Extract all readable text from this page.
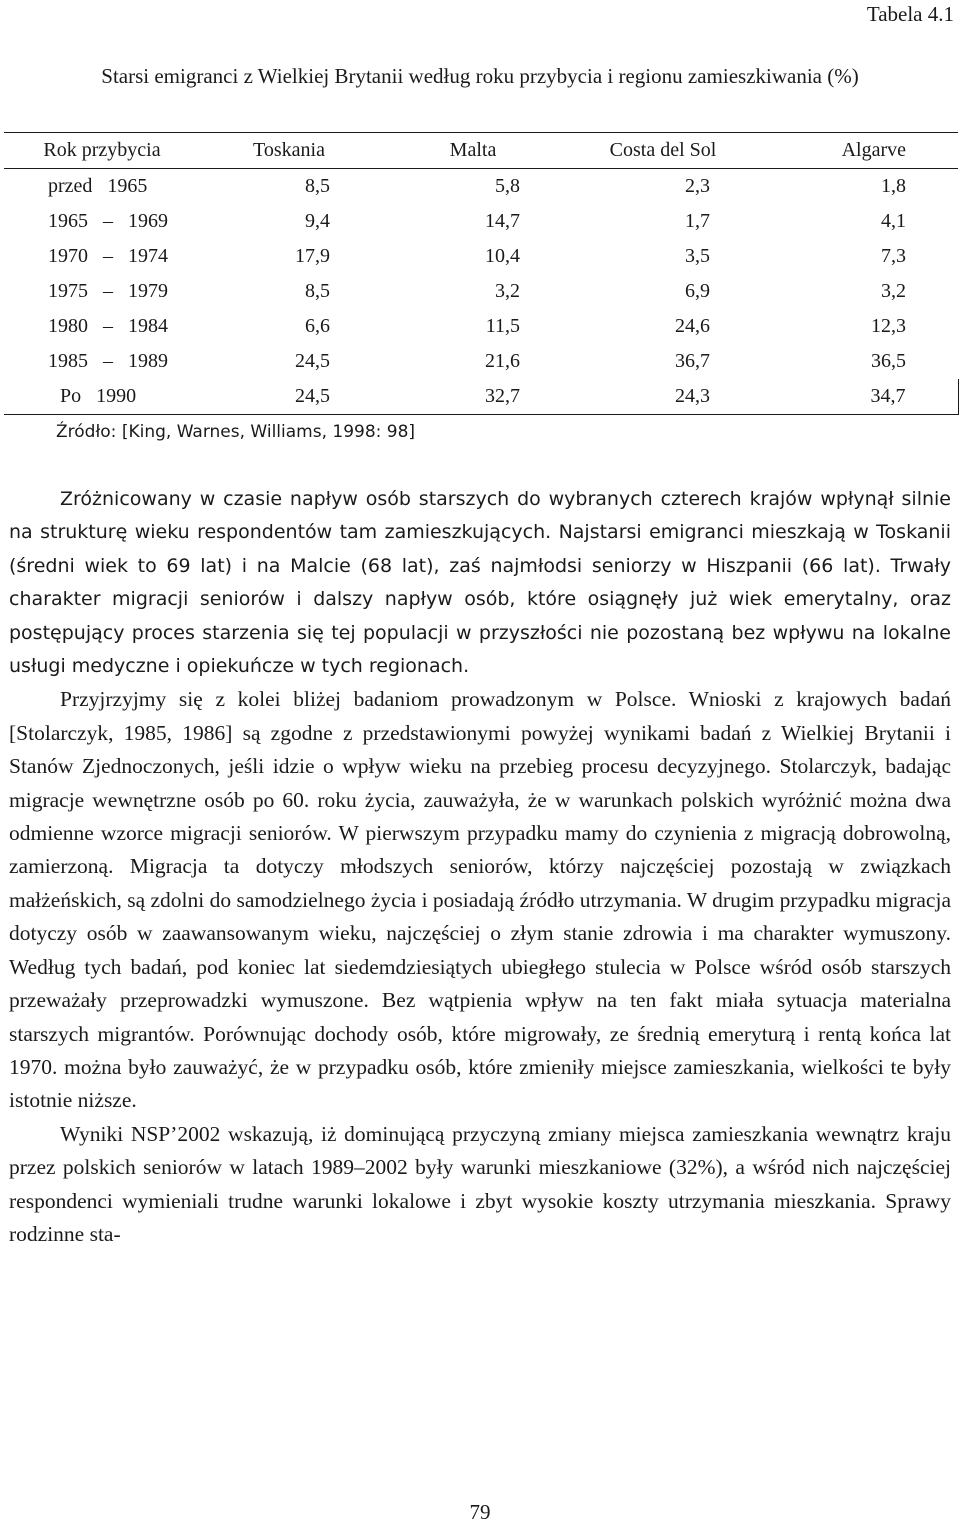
Tabela 4.1
Starsi emigranci z Wielkiej Brytanii według roku przybycia i regionu zamieszkiwania (%)
Rok przybycia	Toskania	Malta	Costa del Sol	Algarve
przed 1965	8,5	5,8	2,3	1,8
1965 – 1969	9,4	14,7	1,7	4,1
1970 – 1974	17,9	10,4	3,5	7,3
1975 – 1979	8,5	3,2	6,9	3,2
1980 – 1984	6,6	11,5	24,6	12,3
1985 – 1989	24,5	21,6	36,7	36,5
Po 1990	24,5	32,7	24,3	34,7
Źródło: [King, Warnes, Williams, 1998: 98]

Zróżnicowany w czasie napływ osób starszych do wybranych czterech krajów wpłynął silnie na strukturę wieku respondentów tam zamieszkujących. Najstarsi emigranci mieszkają w Toskanii (średni wiek to 69 lat) i na Malcie (68 lat), zaś najmłodsi seniorzy w Hiszpanii (66 lat). Trwały charakter migracji seniorów i dalszy napływ osób, które osiągnęły już wiek emerytalny, oraz postępujący proces starzenia się tej populacji w przyszłości nie pozostaną bez wpływu na lokalne usługi medyczne i opiekuńcze w tych regionach.

Przyjrzyjmy się z kolei bliżej badaniom prowadzonym w Polsce. Wnioski z krajowych badań [Stolarczyk, 1985, 1986] są zgodne z przedstawionymi powyżej wynikami badań z Wielkiej Brytanii i Stanów Zjednoczonych, jeśli idzie o wpływ wieku na przebieg procesu decyzyjnego. Stolarczyk, badając migracje wewnętrzne osób po 60. roku życia, zauważyła, że w warunkach polskich wyróżnić można dwa odmienne wzorce migracji seniorów. W pierwszym przypadku mamy do czynienia z migracją dobrowolną, zamierzoną. Migracja ta dotyczy młodszych seniorów, którzy najczęściej pozostają w związkach małżeńskich, są zdolni do samodzielnego życia i posiadają źródło utrzymania. W drugim przypadku migracja dotyczy osób w zaawansowanym wieku, najczęściej o złym stanie zdrowia i ma charakter wymuszony. Według tych badań, pod koniec lat siedemdziesiątych ubiegłego stulecia w Polsce wśród osób starszych przeważały przeprowadzki wymuszone. Bez wątpienia wpływ na ten fakt miała sytuacja materialna starszych migrantów. Porównując dochody osób, które migrowały, ze średnią emeryturą i rentą końca lat 1970. można było zauważyć, że w przypadku osób, które zmieniły miejsce zamieszkania, wielkości te były istotnie niższe.

Wyniki NSP’2002 wskazują, iż dominującą przyczyną zmiany miejsca zamieszkania wewnątrz kraju przez polskich seniorów w latach 1989–2002 były warunki mieszkaniowe (32%), a wśród nich najczęściej respondenci wymieniali trudne warunki lokalowe i zbyt wysokie koszty utrzymania mieszkania. Sprawy rodzinne sta-

79
